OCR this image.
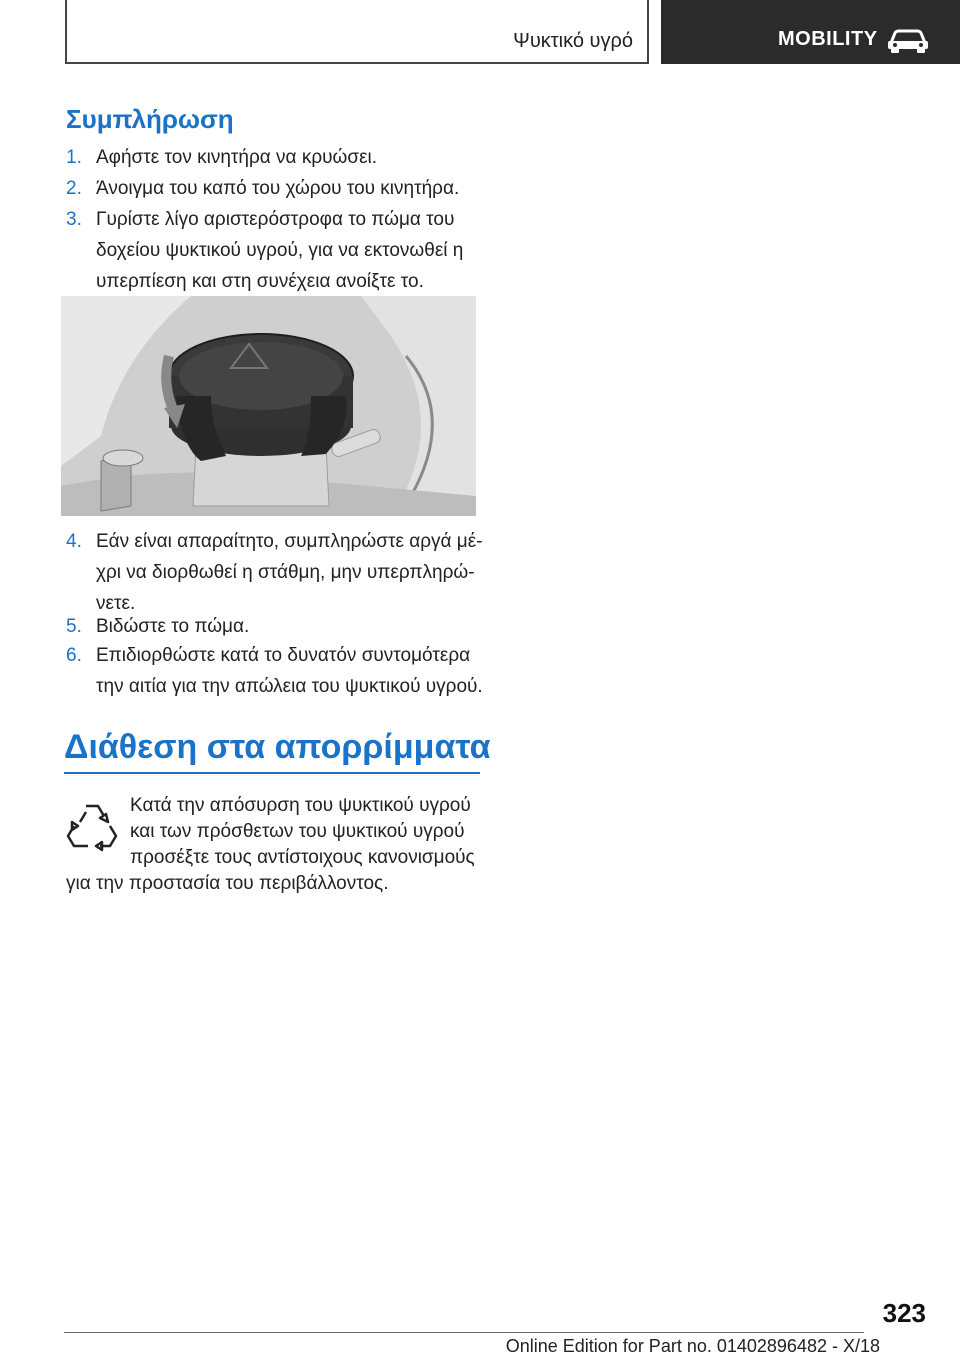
Ψυκτικό υγρό	MOBILITY
Συμπλήρωση
1. Αφήστε τον κινητήρα να κρυώσει.
2. Άνοιγμα του καπό του χώρου του κινητήρα.
3. Γυρίστε λίγο αριστερόστροφα το πώμα του
δοχείου ψυκτικού υγρού, για να εκτονωθεί η
υπερπίεση και στη συνέχεια ανοίξτε το.
4. Εάν είναι απαραίτητο, συμπληρώστε αργά μέ-
χρι να διορθωθεί η στάθμη, μην υπερπληρώ-
νετε.
5. Βιδώστε το πώμα.
6. Επιδιορθώστε κατά το δυνατόν συντομότερα
την αιτία για την απώλεια του ψυκτικού υγρού.
Διάθεση στα απορρίμματα
Κατά την απόσυρση του ψυκτικού υγρού
και των πρόσθετων του ψυκτικού υγρού
προσέξτε τους αντίστοιχους κανονισμούς
για την προστασία του περιβάλλοντος.
323
Online Edition for Part no. 01402896482 - X/18
